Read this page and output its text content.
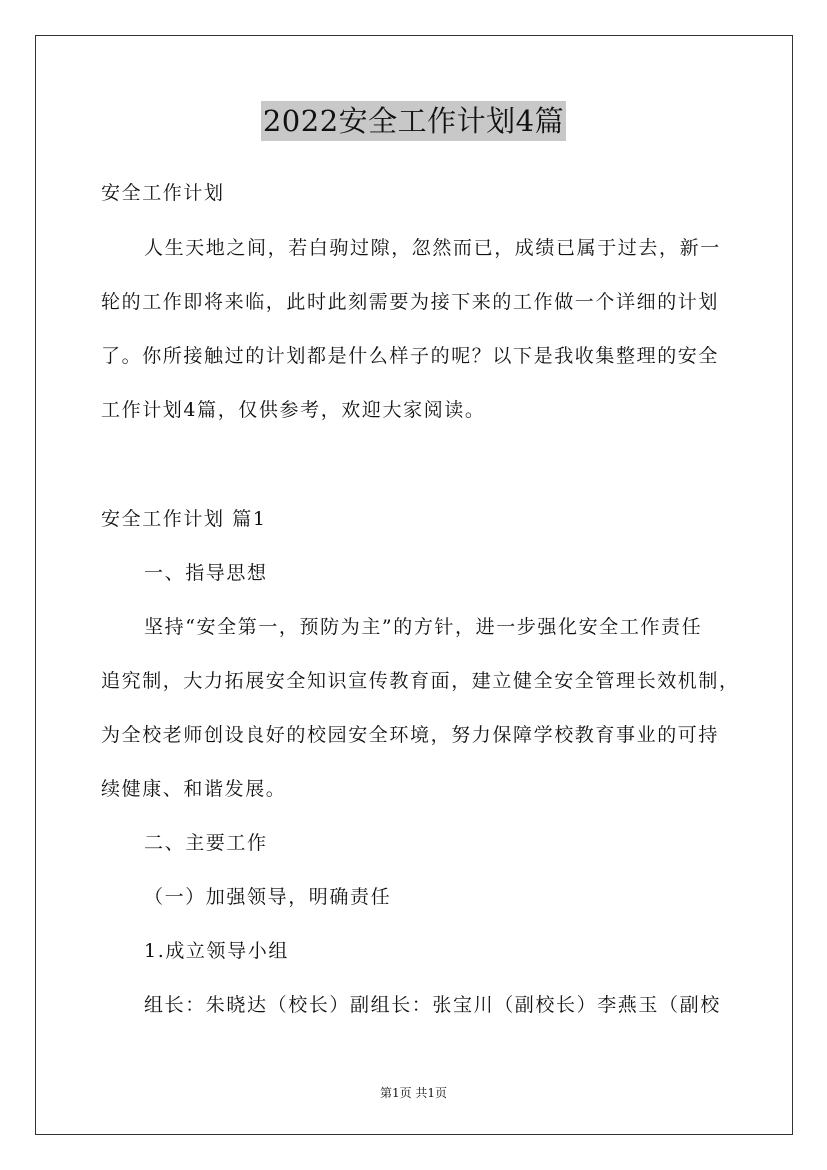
2022安全工作计划4篇
安全工作计划
人生天地之间，若白驹过隙，忽然而已，成绩已属于过去，新一
轮的工作即将来临，此时此刻需要为接下来的工作做一个详细的计划
了。你所接触过的计划都是什么样子的呢？以下是我收集整理的安全
工作计划4篇，仅供参考，欢迎大家阅读。
安全工作计划 篇1
一、指导思想
坚持“安全第一，预防为主”的方针，进一步强化安全工作责任
追究制，大力拓展安全知识宣传教育面，建立健全安全管理长效机制，
为全校老师创设良好的校园安全环境，努力保障学校教育事业的可持
续健康、和谐发展。
二、主要工作
（一）加强领导，明确责任
1.成立领导小组
组长：朱晓达（校长）副组长：张宝川（副校长）李燕玉（副校
第1页 共1页
